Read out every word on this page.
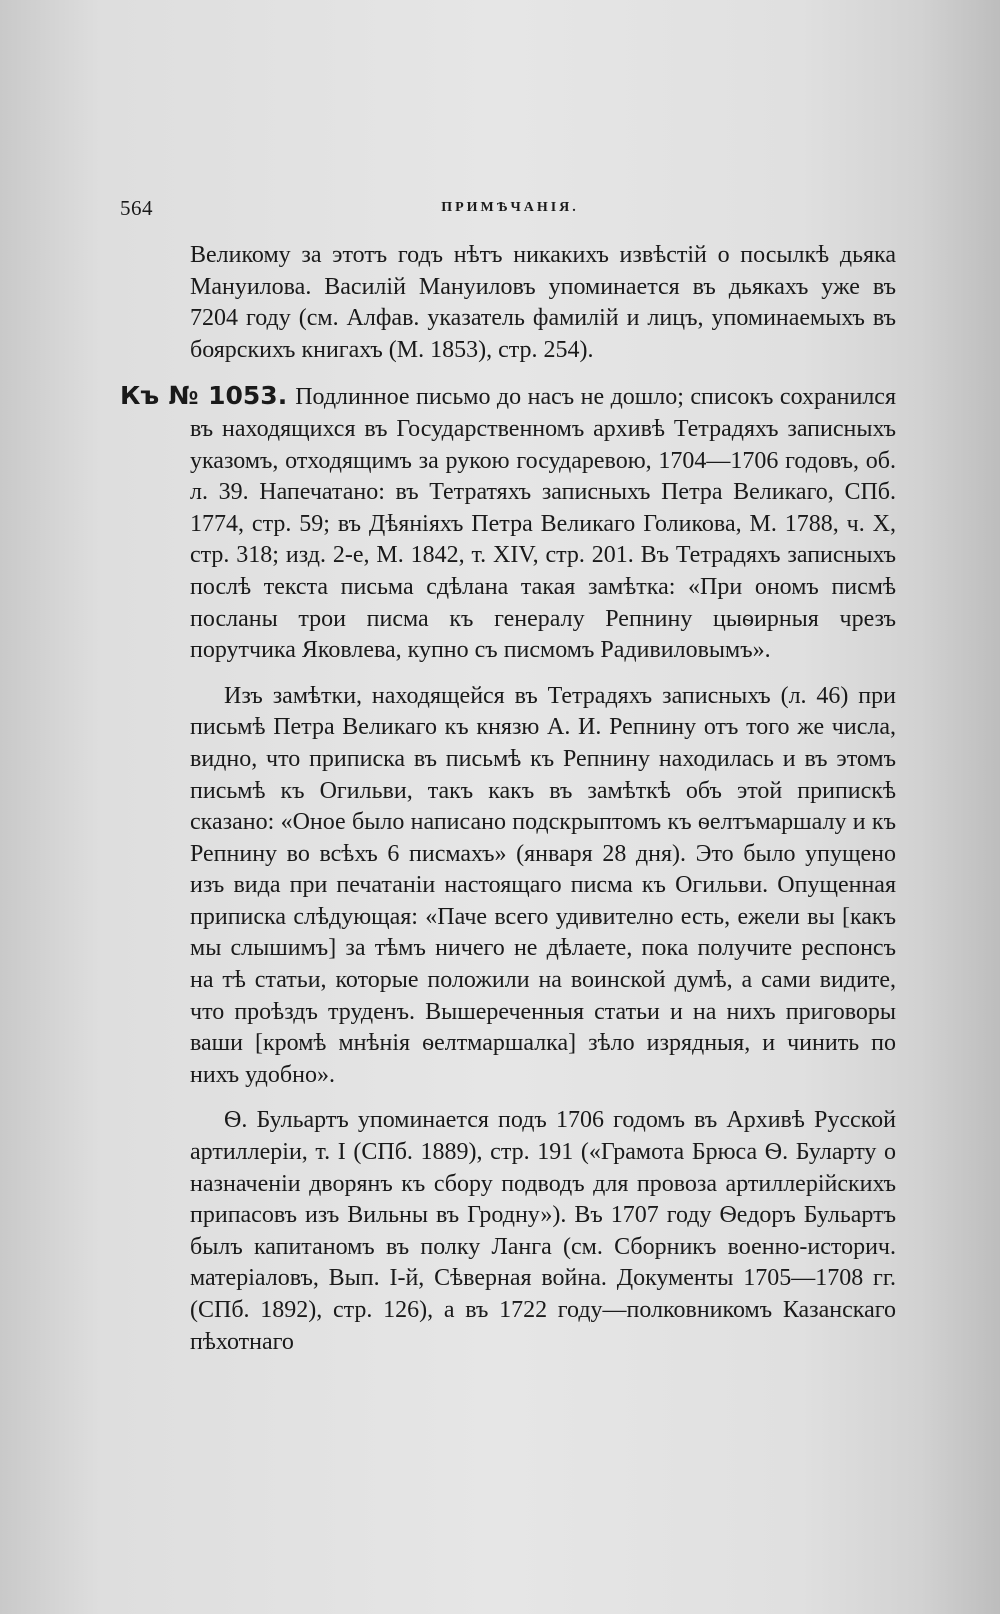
564	ПРИМѢЧАНІЯ.

Великому за этотъ годъ нѣтъ никакихъ извѣстій о посылкѣ дьяка Мануилова. Василій Мануиловъ упоминается въ дьякахъ уже въ 7204 году (см. Алфав. указатель фамилій и лицъ, упоминаемыхъ въ боярскихъ книгахъ (М. 1853), стр. 254).

Къ № 1053. Подлинное письмо до насъ не дошло; списокъ сохранился въ находящихся въ Государственномъ архивѣ Тетрадяхъ записныхъ указомъ, отходящимъ за рукою государевою, 1704—1706 годовъ, об. л. 39. Напечатано: въ Тетратяхъ записныхъ Петра Великаго, СПб. 1774, стр. 59; въ Дѣяніяхъ Петра Великаго Голикова, М. 1788, ч. X, стр. 318; изд. 2-е, М. 1842, т. XIV, стр. 201. Въ Тетрадяхъ записныхъ послѣ текста письма сдѣлана такая замѣтка: «При ономъ писмѣ посланы трои писма къ генералу Репнину цыѳирныя чрезъ порутчика Яковлева, купно съ писмомъ Радивиловымъ».

Изъ замѣтки, находящейся въ Тетрадяхъ записныхъ (л. 46) при письмѣ Петра Великаго къ князю А. И. Репнину отъ того же числа, видно, что приписка въ письмѣ къ Репнину находилась и въ этомъ письмѣ къ Огильви, такъ какъ въ замѣткѣ объ этой припискѣ сказано: «Оное было написано подскрыптомъ къ ѳелтъмаршалу и къ Репнину во всѣхъ 6 писмахъ» (января 28 дня). Это было упущено изъ вида при печатаніи настоящаго писма къ Огильви. Опущенная приписка слѣдующая: «Паче всего удивително есть, ежели вы [какъ мы слышимъ] за тѣмъ ничего не дѣлаете, пока получите респонсъ на тѣ статьи, которые положили на воинской думѣ, а сами видите, что проѣздъ труденъ. Вышереченныя статьи и на нихъ приговоры ваши [кромѣ мнѣнія ѳелтмаршалка] зѣло изрядныя, и чинить по нихъ удобно».

Ѳ. Бульартъ упоминается подъ 1706 годомъ въ Архивѣ Русской артиллеріи, т. I (СПб. 1889), стр. 191 («Грамота Брюса Ѳ. Буларту о назначеніи дворянъ къ сбору подводъ для провоза артиллерійскихъ припасовъ изъ Вильны въ Гродну»). Въ 1707 году Ѳедоръ Бульартъ былъ капитаномъ въ полку Ланга (см. Сборникъ военно-историч. матеріаловъ, Вып. I-й, Сѣверная война. Документы 1705—1708 гг. (СПб. 1892), стр. 126), а въ 1722 году—полковникомъ Казанскаго пѣхотнаго
